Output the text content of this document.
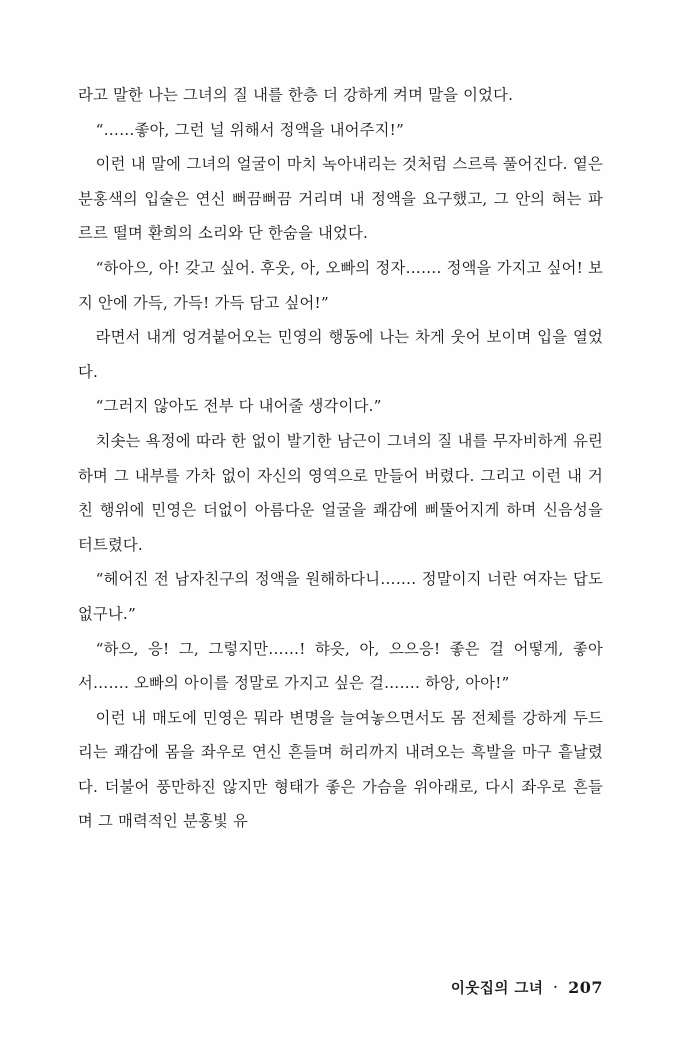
라고 말한 나는 그녀의 질 내를 한층 더 강하게 켜며 말을 이었다.

“……좋아, 그런 널 위해서 정액을 내어주지!”

이런 내 말에 그녀의 얼굴이 마치 녹아내리는 것처럼 스르륵 풀어진다. 옅은 분홍색의 입술은 연신 뻐끔뻐끔 거리며 내 정액을 요구했고, 그 안의 혀는 파르르 떨며 환희의 소리와 단 한숨을 내었다.

“하아으, 아! 갖고 싶어. 후웃, 아, 오빠의 정자……. 정액을 가지고 싶어! 보지 안에 가득, 가득! 가득 담고 싶어!”

라면서 내게 엉겨붙어오는 민영의 행동에 나는 차게 웃어 보이며 입을 열었다.

“그러지 않아도 전부 다 내어줄 생각이다.”

치솟는 욕정에 따라 한 없이 발기한 남근이 그녀의 질 내를 무자비하게 유린하며 그 내부를 가차 없이 자신의 영역으로 만들어 버렸다. 그리고 이런 내 거친 행위에 민영은 더없이 아름다운 얼굴을 쾌감에 삐뚤어지게 하며 신음성을 터트렸다.

“헤어진 전 남자친구의 정액을 원해하다니……. 정말이지 너란 여자는 답도 없구나.”

“하으, 응! 그, 그렇지만……! 햐읏, 아, 으으응! 좋은 걸 어떻게, 좋아서……. 오빠의 아이를 정말로 가지고 싶은 걸……. 하앙, 아아!”

이런 내 매도에 민영은 뭐라 변명을 늘여놓으면서도 몸 전체를 강하게 두드리는 쾌감에 몸을 좌우로 연신 흔들며 허리까지 내려오는 흑발을 마구 흩날렸다. 더불어 풍만하진 않지만 형태가 좋은 가슴을 위아래로, 다시 좌우로 흔들며 그 매력적인 분홍빛 유

이웃집의 그녀 · 207
